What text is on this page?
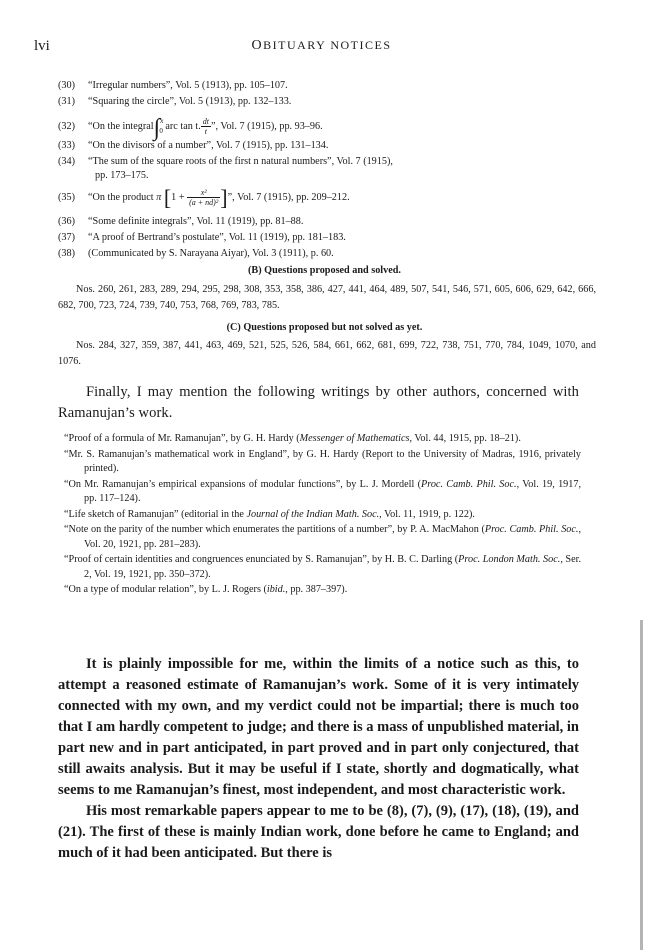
lvi	OBITUARY NOTICES
(30) “Irregular numbers”, Vol. 5 (1913), pp. 105–107.
(31) “Squaring the circle”, Vol. 5 (1913), pp. 132–133.
(32) “On the integral∫$^x_0$ arc tan t. $\frac{dt}{t}$ ”, Vol. 7 (1915), pp. 93–96.
(33) “On the divisors of a number”, Vol. 7 (1915), pp. 131–134.
(34) “The sum of the square roots of the first n natural numbers”, Vol. 7 (1915),
pp. 173–175.
(35) “On the product π [$1 + \frac{\text{x²}}{\text{(a + nd)²}}$ ]”, Vol. 7 (1915), pp. 209–212.
(36) “Some definite integrals”, Vol. 11 (1919), pp. 81–88.
(37) “A proof of Bertrand’s postulate”, Vol. 11 (1919), pp. 181–183.
(38) (Communicated by S. Narayana Aiyar), Vol. 3 (1911), p. 60.
(B) Questions proposed and solved.
Nos. 260, 261, 283, 289, 294, 295, 298, 308, 353, 358, 386, 427, 441, 464, 489, 507, 541, 546, 571, 605, 606, 629, 642, 666, 682, 700, 723, 724, 739, 740, 753, 768, 769, 783, 785.
(C) Questions proposed but not solved as yet.
Nos. 284, 327, 359, 387, 441, 463, 469, 521, 525, 526, 584, 661, 662, 681, 699, 722, 738, 751, 770, 784, 1049, 1070, and 1076.

Finally, I may mention the following writings by other authors, concerned with Ramanujan’s work.

“Proof of a formula of Mr. Ramanujan”, by G. H. Hardy (Messenger of Mathematics, Vol. 44, 1915, pp. 18–21).

“Mr. S. Ramanujan’s mathematical work in England”, by G. H. Hardy (Report to the University of Madras, 1916, privately printed).

“On Mr. Ramanujan’s empirical expansions of modular functions”, by L. J. Mordell (Proc. Camb. Phil. Soc., Vol. 19, 1917, pp. 117–124).

“Life sketch of Ramanujan” (editorial in the Journal of the Indian Math. Soc., Vol. 11, 1919, p. 122).

“Note on the parity of the number which enumerates the partitions of a number”, by P. A. MacMahon (Proc. Camb. Phil. Soc., Vol. 20, 1921, pp. 281–283).

“Proof of certain identities and congruences enunciated by S. Ramanujan”, by H. B. C. Darling (Proc. London Math. Soc., Ser. 2, Vol. 19, 1921, pp. 350–372).

“On a type of modular relation”, by L. J. Rogers (ibid., pp. 387–397).

It is plainly impossible for me, within the limits of a notice such as this, to attempt a reasoned estimate of Ramanujan’s work. Some of it is very intimately connected with my own, and my verdict could not be impartial; there is much too that I am hardly competent to judge; and there is a mass of unpublished material, in part new and in part anticipated, in part proved and in part only conjectured, that still awaits analysis. But it may be useful if I state, shortly and dogmatically, what seems to me Ramanujan’s finest, most independent, and most characteristic work.

His most remarkable papers appear to me to be (8), (7), (9), (17), (18), (19), and (21). The first of these is mainly Indian work, done before he came to England; and much of it had been anticipated. But there is
